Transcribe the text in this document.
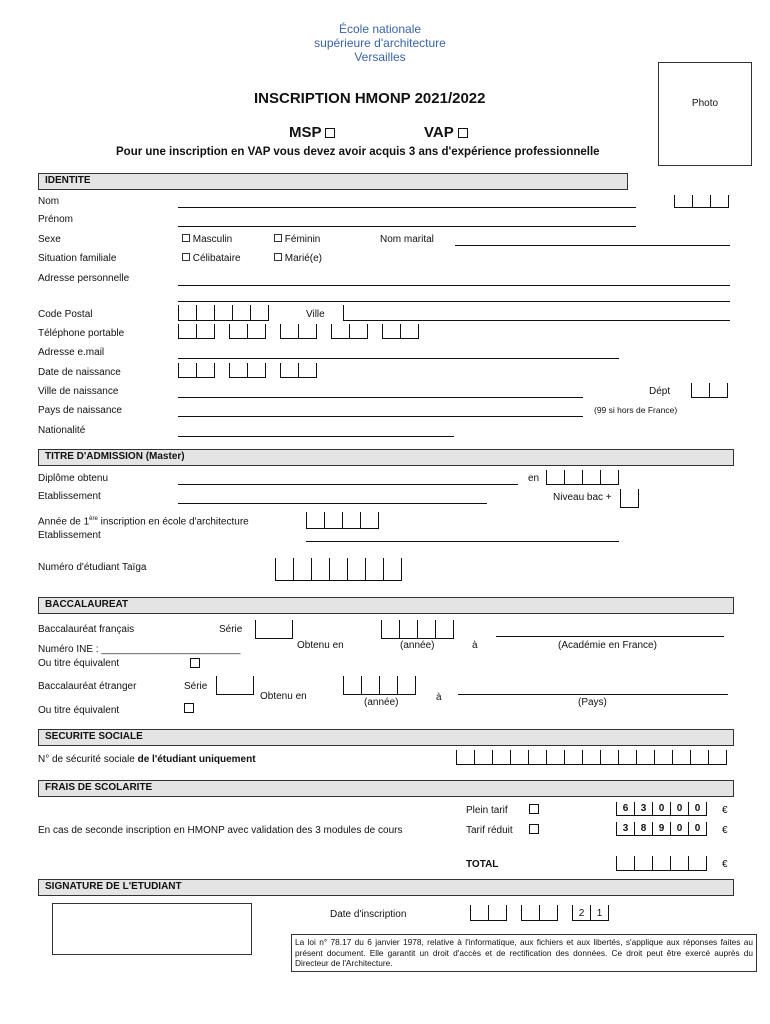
École nationale
supérieure d'architecture
Versailles
INSCRIPTION HMONP 2021/2022
MSP	VAP
Pour une inscription en VAP vous devez avoir acquis 3 ans d'expérience professionnelle
Photo
IDENTITE
Nom
Prénom
Sexe	Masculin	Féminin	Nom marital
Situation familiale	Célibataire	Marié(e)
Adresse personnelle
Code Postal	Ville
Téléphone portable
Adresse e.mail
Date de naissance
Ville de naissance	Dépt
Pays de naissance	(99 si hors de France)
Nationalité
TITRE D'ADMISSION (Master)
Diplôme obtenu	en
Etablissement	Niveau bac +
Année de 1ère inscription en école d'architecture
Etablissement
Numéro d'étudiant Taïga
BACCALAUREAT
Baccalauréat français	Série
Numéro INE : _________________________	Obtenu en	(année)	à	(Académie en France)
Ou titre équivalent
Baccalauréat étranger	Série
Obtenu en
(année)	à	(Pays)
Ou titre équivalent
SECURITE SOCIALE
N° de sécurité sociale de l'étudiant uniquement
FRAIS DE SCOLARITE
Plein tarif	6	3	0	0	0	€
En cas de seconde inscription en HMONP avec validation des 3 modules de cours	Tarif réduit	3	8	9	0	0	€
TOTAL	€
SIGNATURE DE L'ETUDIANT
Date d'inscription	2	1
La loi n° 78.17 du 6 janvier 1978, relative à l'informatique, aux fichiers et aux libertés, s'applique aux réponses faites au présent document. Elle garantit un droit d'accès et de rectification des données. Ce droit peut être exercé auprès du Directeur de l'Architecture.
